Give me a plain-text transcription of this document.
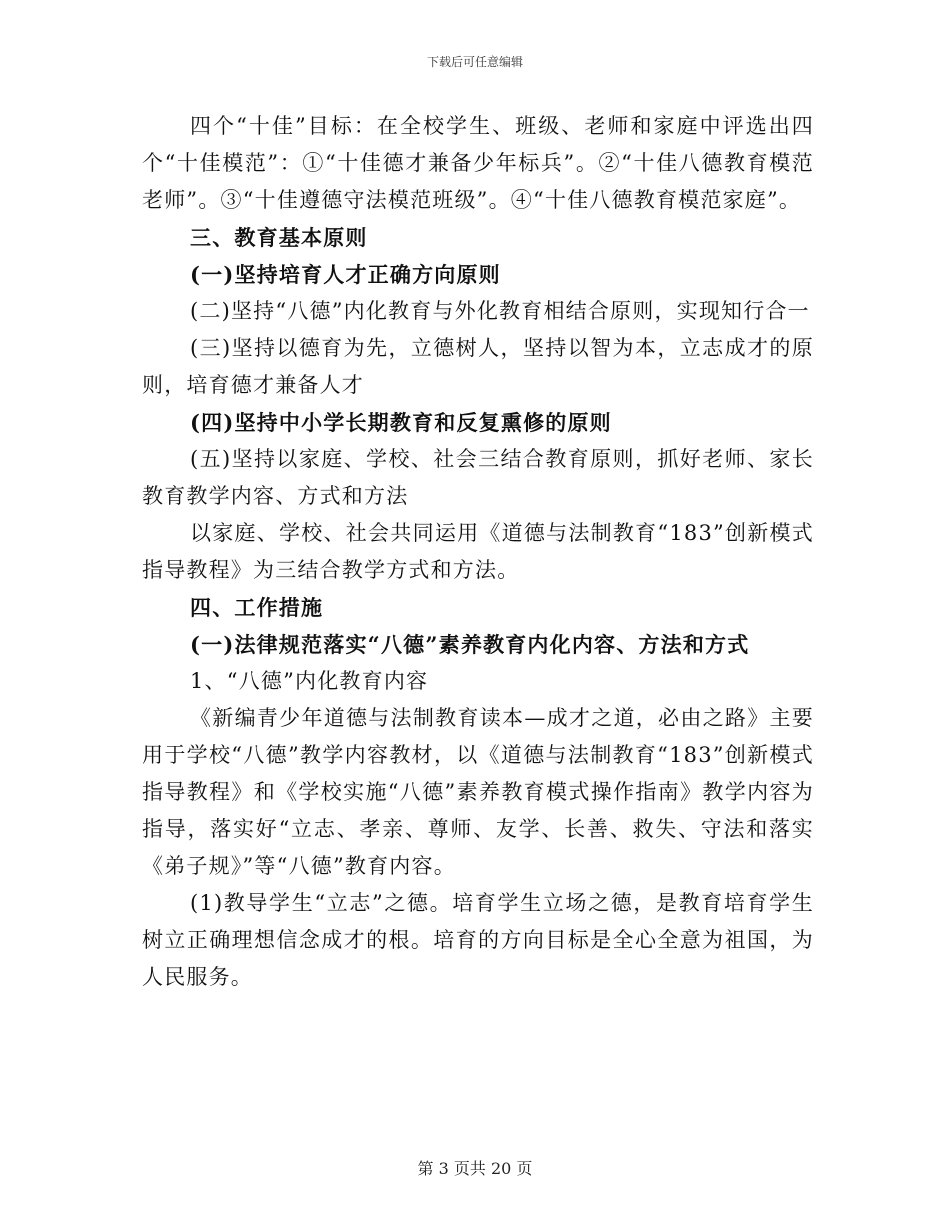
下载后可任意编辑

四个“十佳”目标：在全校学生、班级、老师和家庭中评选出四个“十佳模范”：①“十佳德才兼备少年标兵”。②“十佳八德教育模范老师”。③“十佳遵德守法模范班级”。④“十佳八德教育模范家庭”。

三、教育基本原则

(一)坚持培育人才正确方向原则

(二)坚持“八德”内化教育与外化教育相结合原则，实现知行合一

(三)坚持以德育为先，立德树人，坚持以智为本，立志成才的原则，培育德才兼备人才

(四)坚持中小学长期教育和反复熏修的原则

(五)坚持以家庭、学校、社会三结合教育原则，抓好老师、家长教育教学内容、方式和方法

以家庭、学校、社会共同运用《道德与法制教育“183”创新模式指导教程》为三结合教学方式和方法。

四、工作措施

(一)法律规范落实“八德”素养教育内化内容、方法和方式

1、“八德”内化教育内容

《新编青少年道德与法制教育读本—成才之道，必由之路》主要用于学校“八德”教学内容教材，以《道德与法制教育“183”创新模式指导教程》和《学校实施“八德”素养教育模式操作指南》教学内容为指导，落实好“立志、孝亲、尊师、友学、长善、救失、守法和落实《弟子规》”等“八德”教育内容。

(1)教导学生“立志”之德。培育学生立场之德，是教育培育学生树立正确理想信念成才的根。培育的方向目标是全心全意为祖国，为人民服务。

第 3 页共 20 页
